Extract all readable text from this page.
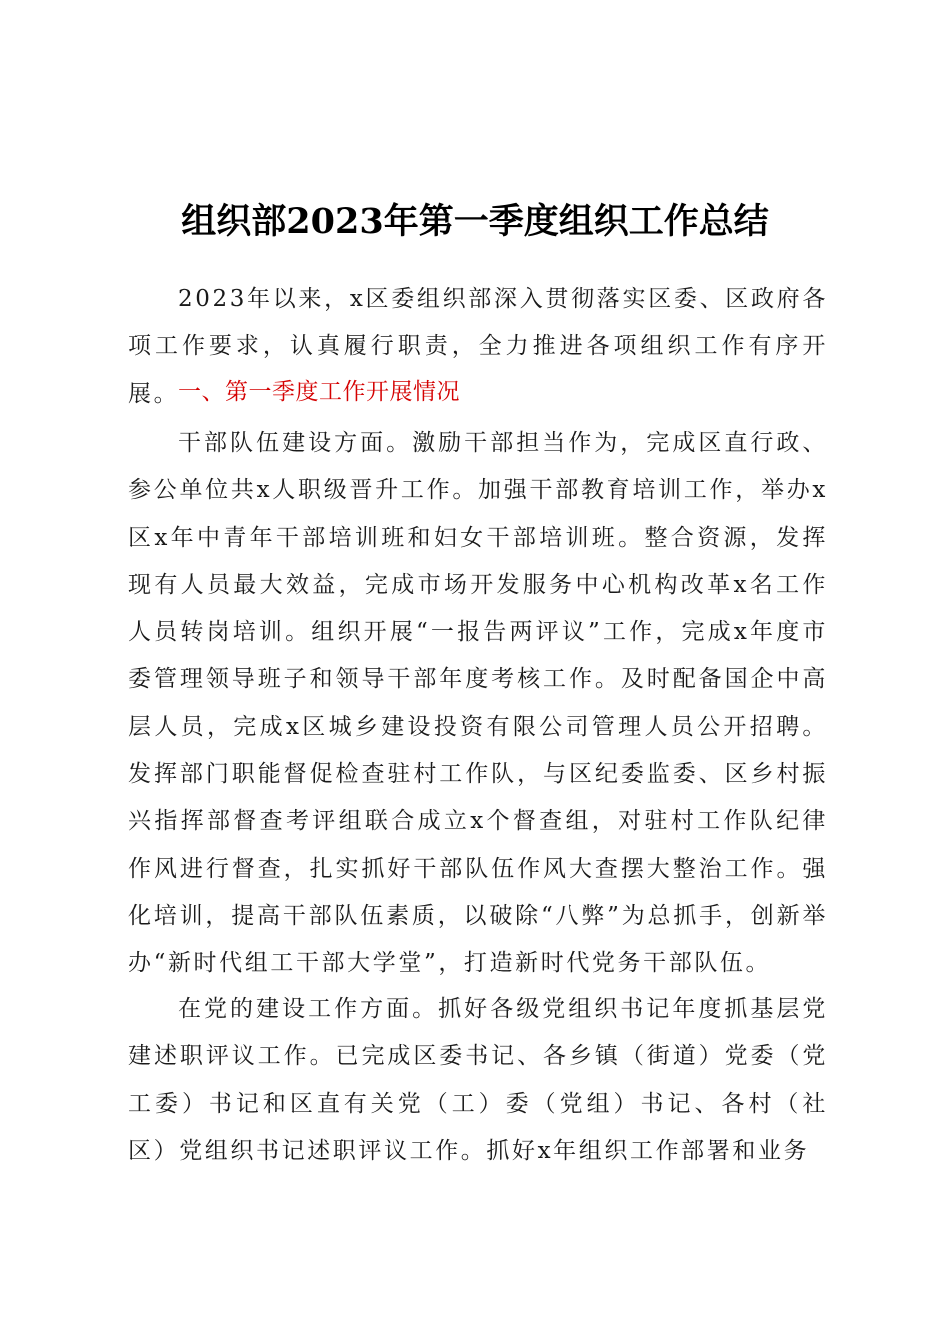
组织部2023年第一季度组织工作总结

2023年以来，x区委组织部深入贯彻落实区委、区政府各项工作要求，认真履行职责，全力推进各项组织工作有序开展。

一、第一季度工作开展情况

干部队伍建设方面。激励干部担当作为，完成区直行政、参公单位共x人职级晋升工作。加强干部教育培训工作，举办x区x年中青年干部培训班和妇女干部培训班。整合资源，发挥现有人员最大效益，完成市场开发服务中心机构改革x名工作人员转岗培训。组织开展“一报告两评议”工作，完成x年度市委管理领导班子和领导干部年度考核工作。及时配备国企中高层人员，完成x区城乡建设投资有限公司管理人员公开招聘。发挥部门职能督促检查驻村工作队，与区纪委监委、区乡村振兴指挥部督查考评组联合成立x个督查组，对驻村工作队纪律作风进行督查，扎实抓好干部队伍作风大查摆大整治工作。强化培训，提高干部队伍素质，以破除“八弊”为总抓手，创新举办“新时代组工干部大学堂”，打造新时代党务干部队伍。

在党的建设工作方面。抓好各级党组织书记年度抓基层党建述职评议工作。已完成区委书记、各乡镇（街道）党委（党工委）书记和区直有关党（工）委（党组）书记、各村（社区）党组织书记述职评议工作。抓好x年组织工作部署和业务
